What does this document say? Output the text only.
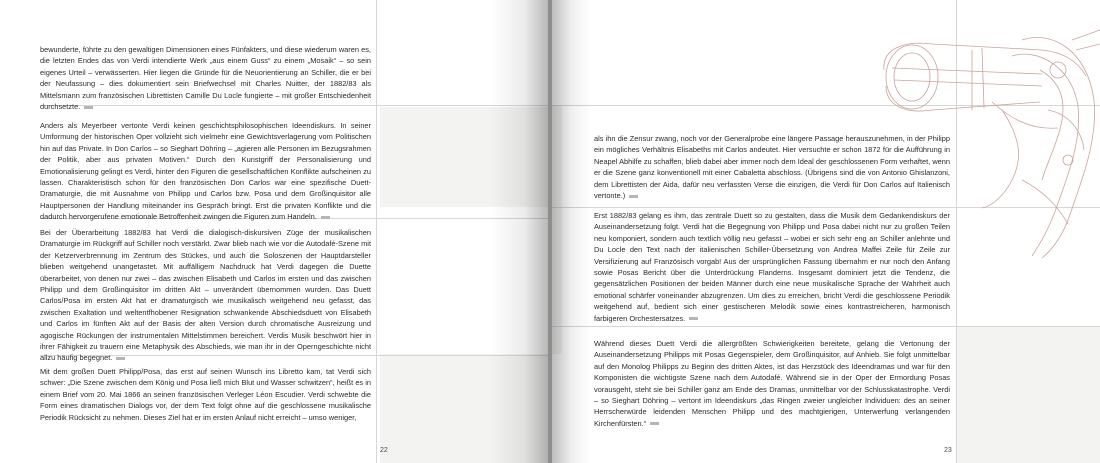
bewunderte, führte zu den gewaltigen Dimensionen eines Fünfakters, und diese wiederum waren es, die letzten Endes das von Verdi intendierte Werk „aus einem Guss“ zu einem „Mosaik“ – so sein eigenes Urteil – verwässerten. Hier liegen die Gründe für die Neuorientierung an Schiller, die er bei der Neufassung – dies dokumentiert sein Briefwechsel mit Charles Nuitter, der 1882/83 als Mittelsmann zum französischen Librettisten Camille Du Locle fungierte – mit großer Entschiedenheit durchsetzte.

Anders als Meyerbeer vertonte Verdi keinen geschichtsphilosophischen Ideendiskurs. In seiner Umformung der historischen Oper vollzieht sich vielmehr eine Gewichtsverlagerung vom Politischen hin auf das Private. In Don Carlos – so Sieghart Döhring – „agieren alle Personen im Bezugsrahmen der Politik, aber aus privaten Motiven.“ Durch den Kunstgriff der Personalisierung und Emotionalisierung gelingt es Verdi, hinter den Figuren die gesellschaftlichen Konflikte aufscheinen zu lassen. Charakteristisch schon für den französischen Don Carlos war eine spezifische Duett-Dramaturgie, die mit Ausnahme von Philipp und Carlos bzw. Posa und dem Großinquisitor alle Hauptpersonen der Handlung miteinander ins Gespräch bringt. Erst die privaten Konflikte und die dadurch hervorgerufene emotionale Betroffenheit zwingen die Figuren zum Handeln.

Bei der Überarbeitung 1882/83 hat Verdi die dialogisch-diskursiven Züge der musikalischen Dramaturgie im Rückgriff auf Schiller noch verstärkt. Zwar blieb nach wie vor die Autodafé-Szene mit der Ketzerverbrennung im Zentrum des Stückes, und auch die Soloszenen der Hauptdarsteller blieben weitgehend unangetastet. Mit auffälligem Nachdruck hat Verdi dagegen die Duette überarbeitet, von denen nur zwei – das zwischen Elisabeth und Carlos im ersten und das zwischen Philipp und dem Großinquisitor im dritten Akt – unverändert übernommen wurden. Das Duett Carlos/Posa im ersten Akt hat er dramaturgisch wie musikalisch weitgehend neu gefasst, das zwischen Exaltation und weltentfhobener Resignation schwankende Abschiedsduett von Elisabeth und Carlos im fünften Akt auf der Basis der alten Version durch chromatische Ausreizung und agogische Rückungen der instrumentalen Mittelstimmen bereichert. Verdis Musik beschwört hier in ihrer Fähigkeit zu trauern eine Metaphysik des Abschieds, wie man ihr in der Operngeschichte nicht allzu häufig begegnet.

Mit dem großen Duett Philipp/Posa, das erst auf seinen Wunsch ins Libretto kam, tat Verdi sich schwer: „Die Szene zwischen dem König und Posa ließ mich Blut und Wasser schwitzen“, heißt es in einem Brief vom 20. Mai 1866 an seinen französischen Verleger Léon Escudier. Verdi schwebte die Form eines dramatischen Dialogs vor, der dem Text folgt ohne auf die geschlossene musikalische Periodik Rücksicht zu nehmen. Dieses Ziel hat er im ersten Anlauf nicht erreicht – umso weniger,

22

als ihn die Zensur zwang, noch vor der Generalprobe eine längere Passage herauszunehmen, in der Philipp ein mögliches Verhältnis Elisabeths mit Carlos andeutet. Hier versuchte er schon 1872 für die Aufführung in Neapel Abhilfe zu schaffen, blieb dabei aber immer noch dem Ideal der geschlossenen Form verhaftet, wenn er die Szene ganz konventionell mit einer Cabaletta abschloss. (Übrigens sind die von Antonio Ghislanzoni, dem Librettisten der Aida, dafür neu verfassten Verse die einzigen, die Verdi für Don Carlos auf Italienisch vertonte.)

Erst 1882/83 gelang es ihm, das zentrale Duett so zu gestalten, dass die Musik dem Gedankendiskurs der Auseinandersetzung folgt. Verdi hat die Begegnung von Philipp und Posa dabei nicht nur zu großen Teilen neu komponiert, sondern auch textlich völlig neu gefasst – wobei er sich sehr eng an Schiller anlehnte und Du Locle den Text nach der italienischen Schiller-Übersetzung von Andrea Maffei Zeile für Zeile zur Versifizierung auf Französisch vorgab! Aus der ursprünglichen Fassung übernahm er nur noch den Anfang sowie Posas Bericht über die Unterdrückung Flanderns. Insgesamt dominiert jetzt die Tendenz, die gegensätzlichen Positionen der beiden Männer durch eine neue musikalische Sprache der Wahrheit auch emotional schärfer voneinander abzugrenzen. Um dies zu erreichen, bricht Verdi die geschlossene Periodik weitgehend auf, bedient sich einer gestischeren Melodik sowie eines kontrastreicheren, harmonisch farbigeren Orchestersatzes.

Während dieses Duett Verdi die allergrößten Schwierigkeiten bereitete, gelang die Vertonung der Auseinandersetzung Philipps mit Posas Gegenspieler, dem Großinquisitor, auf Anhieb. Sie folgt unmittelbar auf den Monolog Philipps zu Beginn des dritten Aktes, ist das Herzstück des Ideendramas und war für den Komponisten die wichtigste Szene nach dem Autodafé. Während sie in der Oper der Ermordung Posas vorausgeht, steht sie bei Schiller ganz am Ende des Dramas, unmittelbar vor der Schlusskatastrophe. Verdi – so Sieghart Döhring – vertont im Ideendiskurs „das Ringen zweier ungleicher Individuen: des an seiner Herrscherwürde leidenden Menschen Philipp und des machtgierigen, Unterwerfung verlangenden Kirchenfürsten.“

23
